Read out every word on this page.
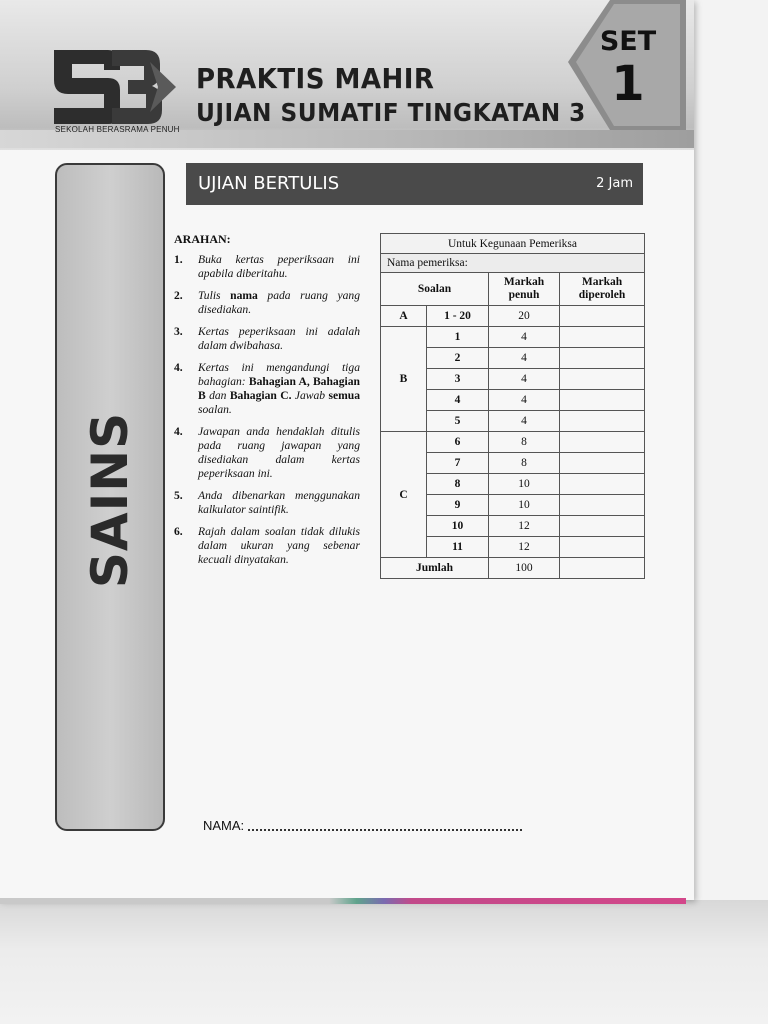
SEKOLAH BERASRAMA PENUH
PRAKTIS MAHIR
UJIAN SUMATIF TINGKATAN 3
SET
1
SAINS
UJIAN BERTULIS	2 Jam
ARAHAN:
1.	Buka kertas peperiksaan ini apabila diberitahu.
2.	Tulis nama pada ruang yang disediakan.
3.	Kertas peperiksaan ini adalah dalam dwibahasa.
4.	Kertas ini mengandungi tiga bahagian: Bahagian A, Bahagian B dan Bahagian C. Jawab semua soalan.
4.	Jawapan anda hendaklah ditulis pada ruang jawapan yang disediakan dalam kertas peperiksaan ini.
5.	Anda dibenarkan menggunakan kalkulator saintifik.
6.	Rajah dalam soalan tidak dilukis dalam ukuran yang sebenar kecuali dinyatakan.
Untuk Kegunaan Pemeriksa			
Nama pemeriksa:			
Soalan		Markah penuh	Markah diperoleh
A	1 - 20	20	
B	1	4	
	2	4	
	3	4	
	4	4	
	5	4	
C	6	8	
	7	8	
	8	10	
	9	10	
	10	12	
	11	12	
Jumlah		100	
NAMA:
